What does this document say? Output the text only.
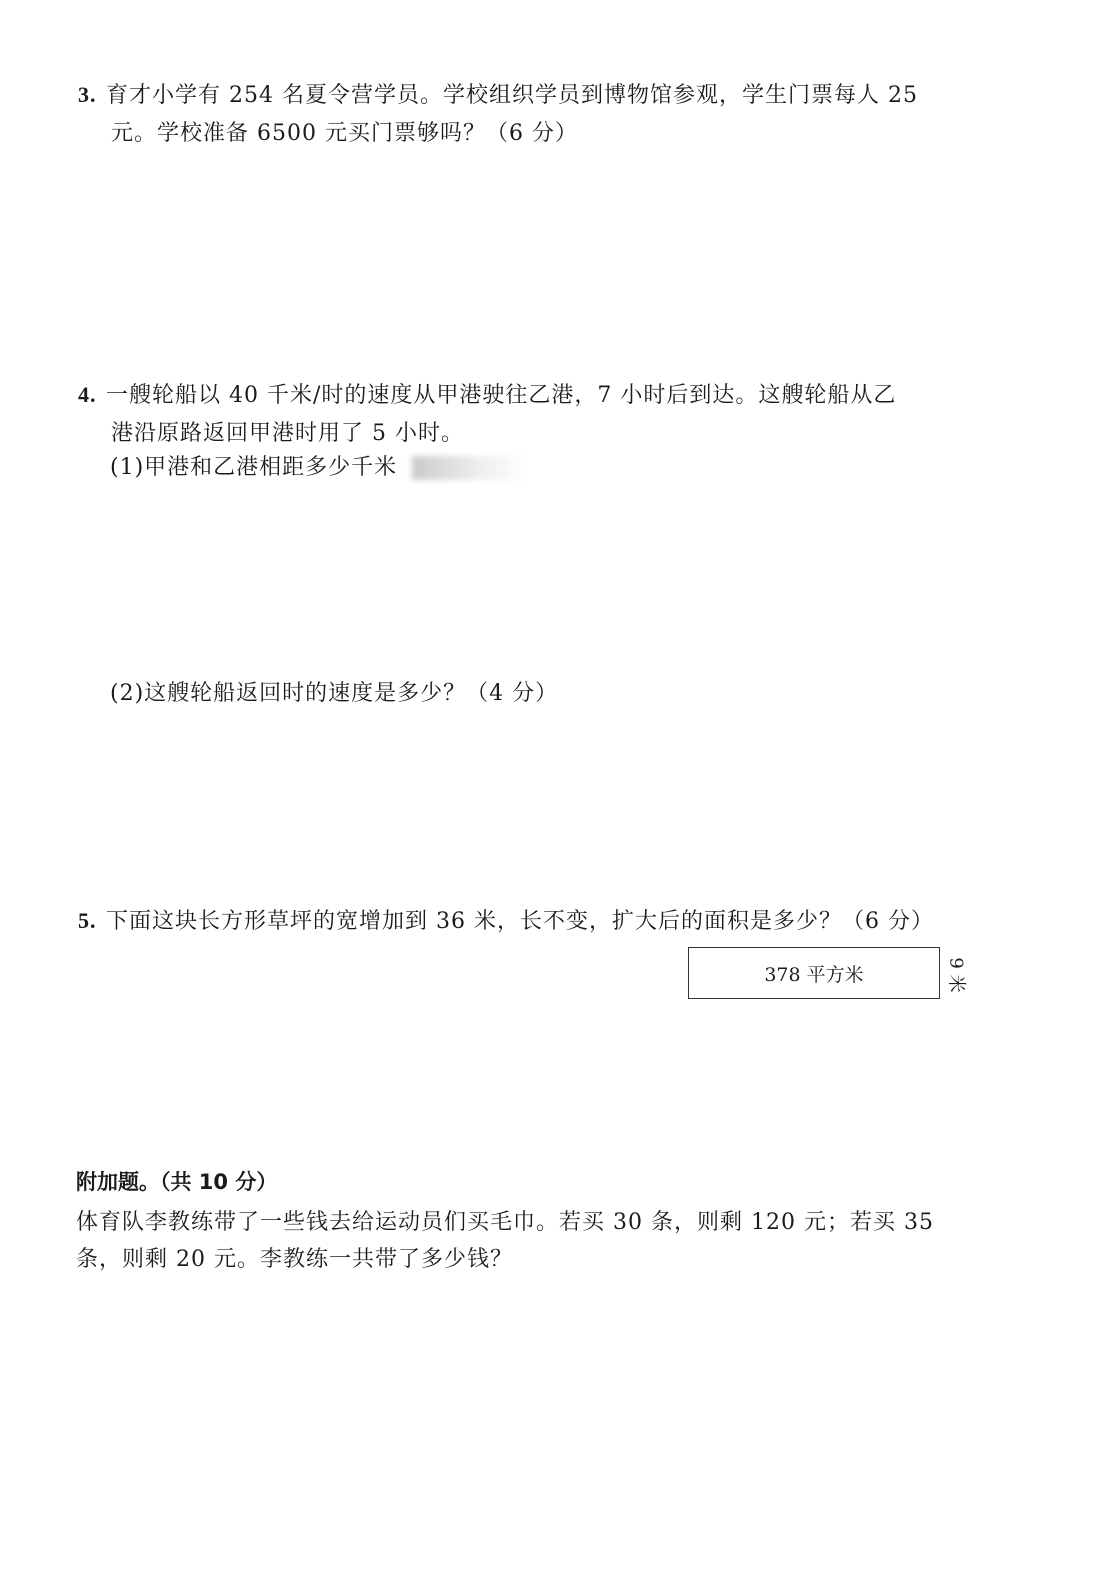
3. 育才小学有 254 名夏令营学员。学校组织学员到博物馆参观，学生门票每人 25
元。学校准备 6500 元买门票够吗？（6 分）
4. 一艘轮船以 40 千米/时的速度从甲港驶往乙港，7 小时后到达。这艘轮船从乙
港沿原路返回甲港时用了 5 小时。
(1)甲港和乙港相距多少千米
(2)这艘轮船返回时的速度是多少？（4 分）
5. 下面这块长方形草坪的宽增加到 36 米，长不变，扩大后的面积是多少？（6 分）
378 平方米	9 米
附加题。（共 10 分）
体育队李教练带了一些钱去给运动员们买毛巾。若买 30 条，则剩 120 元；若买 35
条，则剩 20 元。李教练一共带了多少钱？
